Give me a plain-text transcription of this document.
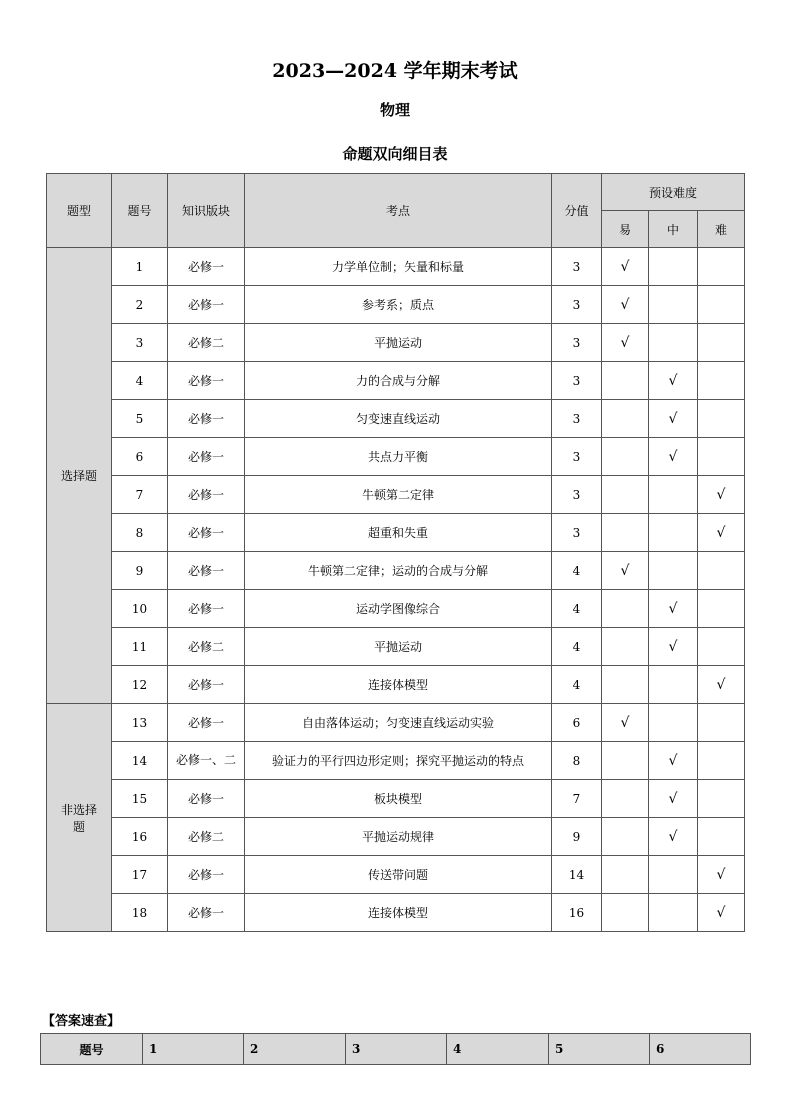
2023—2024 学年期末考试
物理
命题双向细目表
题型	题号	知识版块	考点	分值	预设难度		
					易	中	难
选择题	1	必修一	力学单位制；矢量和标量	3	√		
	2	必修一	参考系；质点	3	√		
	3	必修二	平抛运动	3	√		
	4	必修一	力的合成与分解	3		√	
	5	必修一	匀变速直线运动	3		√	
	6	必修一	共点力平衡	3		√	
	7	必修一	牛顿第二定律	3			√
	8	必修一	超重和失重	3			√
	9	必修一	牛顿第二定律；运动的合成与分解	4	√		
	10	必修一	运动学图像综合	4		√	
	11	必修二	平抛运动	4		√	
	12	必修一	连接体模型	4			√
非选择题	13	必修一	自由落体运动；匀变速直线运动实验	6	√		
	14	必修一、二	验证力的平行四边形定则；探究平抛运动的特点	8		√	
	15	必修一	板块模型	7		√	
	16	必修二	平抛运动规律	9		√	
	17	必修一	传送带问题	14			√
	18	必修一	连接体模型	16			√
【答案速查】
题号	1	2	3	4	5	6
